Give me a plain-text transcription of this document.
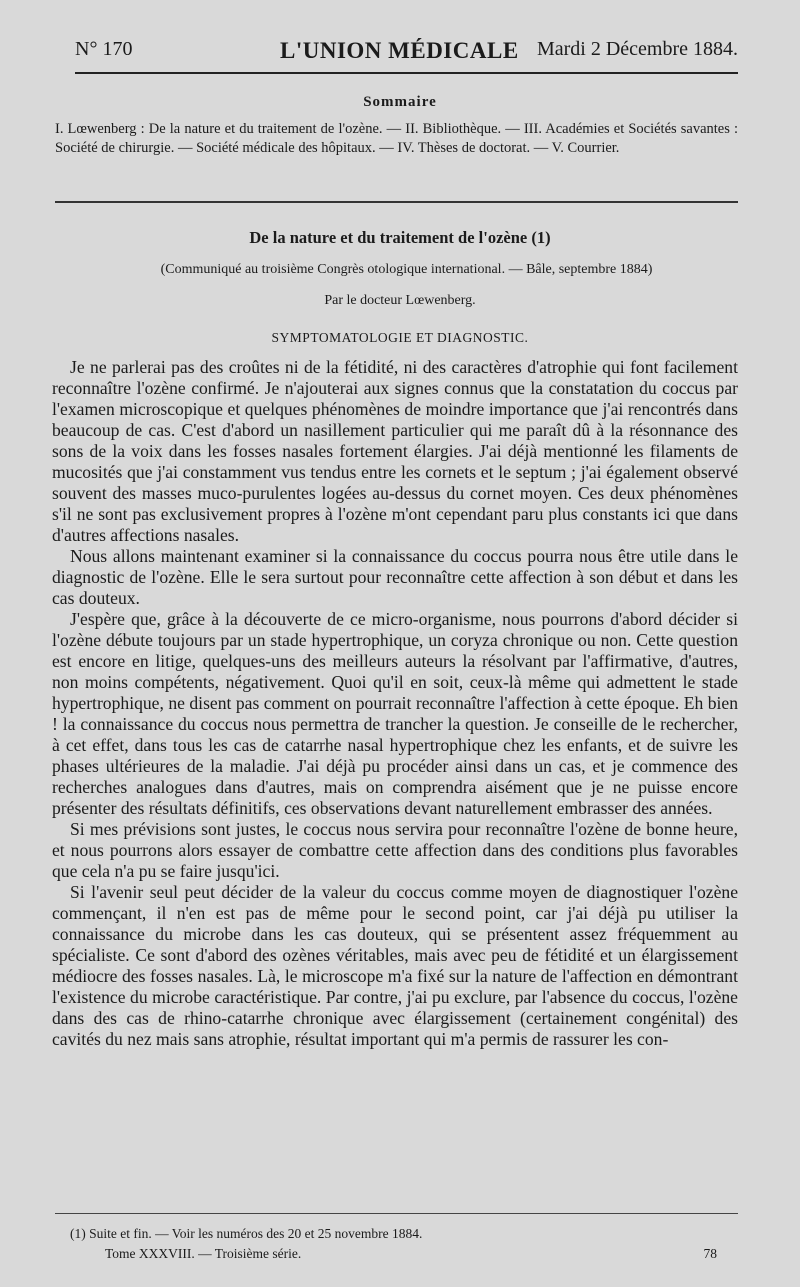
N° 170	L'UNION MÉDICALE Mardi 2 Décembre 1884.
Sommaire
I. Lœwenberg : De la nature et du traitement de l'ozène. — II. Bibliothèque. — III. Académies et Sociétés savantes : Société de chirurgie. — Société médicale des hôpitaux. — IV. Thèses de doctorat. — V. Courrier.
De la nature et du traitement de l'ozène (1)
(Communiqué au troisième Congrès otologique international. — Bâle, septembre 1884)
Par le docteur Lœwenberg.
SYMPTOMATOLOGIE ET DIAGNOSTIC.

Je ne parlerai pas des croûtes ni de la fétidité, ni des caractères d'atrophie qui font facilement reconnaître l'ozène confirmé. Je n'ajouterai aux signes connus que la constatation du coccus par l'examen microscopique et quelques phénomènes de moindre importance que j'ai rencontrés dans beaucoup de cas. C'est d'abord un nasillement particulier qui me paraît dû à la résonnance des sons de la voix dans les fosses nasales fortement élargies. J'ai déjà mentionné les filaments de mucosités que j'ai constamment vus tendus entre les cornets et le septum ; j'ai également observé souvent des masses muco-purulentes logées au-dessus du cornet moyen. Ces deux phénomènes s'il ne sont pas exclusivement propres à l'ozène m'ont cependant paru plus constants ici que dans d'autres affections nasales.

Nous allons maintenant examiner si la connaissance du coccus pourra nous être utile dans le diagnostic de l'ozène. Elle le sera surtout pour reconnaître cette affection à son début et dans les cas douteux.

J'espère que, grâce à la découverte de ce micro-organisme, nous pourrons d'abord décider si l'ozène débute toujours par un stade hypertrophique, un coryza chronique ou non. Cette question est encore en litige, quelques-uns des meilleurs auteurs la résolvant par l'affirmative, d'autres, non moins compétents, négativement. Quoi qu'il en soit, ceux-là même qui admettent le stade hypertrophique, ne disent pas comment on pourrait reconnaître l'affection à cette époque. Eh bien ! la connaissance du coccus nous permettra de trancher la question. Je conseille de le rechercher, à cet effet, dans tous les cas de catarrhe nasal hypertrophique chez les enfants, et de suivre les phases ultérieures de la maladie. J'ai déjà pu procéder ainsi dans un cas, et je commence des recherches analogues dans d'autres, mais on comprendra aisément que je ne puisse encore présenter des résultats définitifs, ces observations devant naturellement embrasser des années.

Si mes prévisions sont justes, le coccus nous servira pour reconnaître l'ozène de bonne heure, et nous pourrons alors essayer de combattre cette affection dans des conditions plus favorables que cela n'a pu se faire jusqu'ici.

Si l'avenir seul peut décider de la valeur du coccus comme moyen de diagnostiquer l'ozène commençant, il n'en est pas de même pour le second point, car j'ai déjà pu utiliser la connaissance du microbe dans les cas douteux, qui se présentent assez fréquemment au spécialiste. Ce sont d'abord des ozènes véritables, mais avec peu de fétidité et un élargissement médiocre des fosses nasales. Là, le microscope m'a fixé sur la nature de l'affection en démontrant l'existence du microbe caractéristique. Par contre, j'ai pu exclure, par l'absence du coccus, l'ozène dans des cas de rhino-catarrhe chronique avec élargissement (certainement congénital) des cavités du nez mais sans atrophie, résultat important qui m'a permis de rassurer les con-

(1) Suite et fin. — Voir les numéros des 20 et 25 novembre 1884.
Tome XXXVIII. — Troisième série.	78
